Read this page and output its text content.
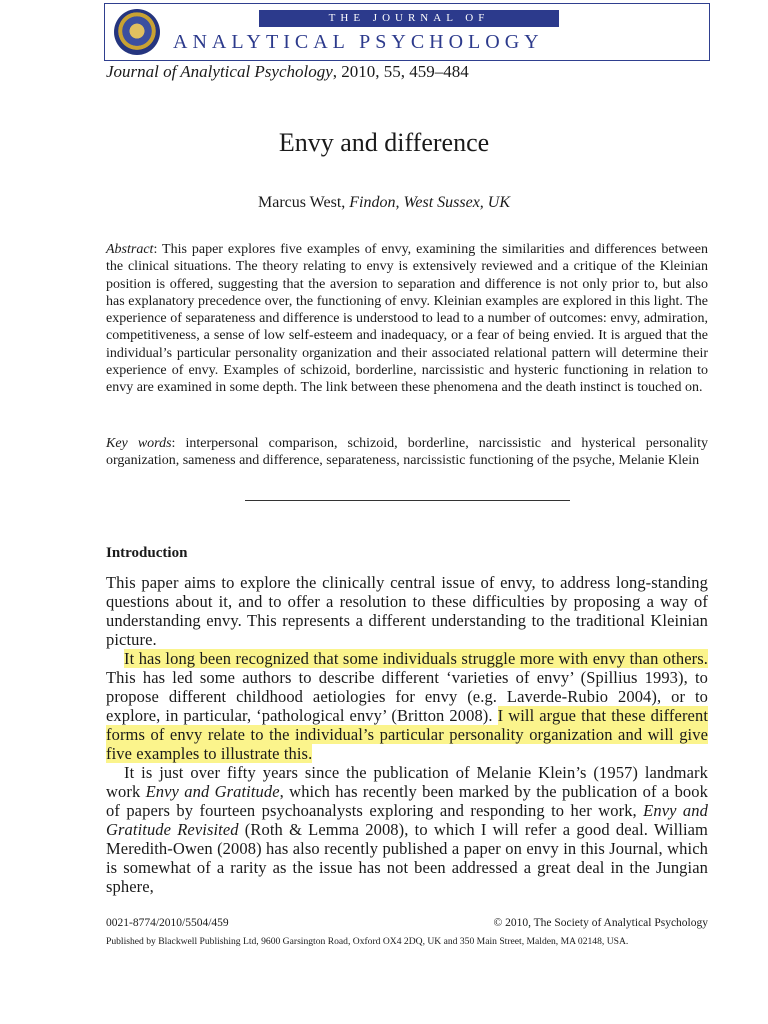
THE JOURNAL OF
ANALYTICAL PSYCHOLOGY
Journal of Analytical Psychology, 2010, 55, 459–484
Envy and difference
Marcus West, Findon, West Sussex, UK
Abstract: This paper explores five examples of envy, examining the similarities and differences between the clinical situations. The theory relating to envy is extensively reviewed and a critique of the Kleinian position is offered, suggesting that the aversion to separation and difference is not only prior to, but also has explanatory precedence over, the functioning of envy. Kleinian examples are explored in this light. The experience of separateness and difference is understood to lead to a number of outcomes: envy, admiration, competitiveness, a sense of low self-esteem and inadequacy, or a fear of being envied. It is argued that the individual’s particular personality organization and their associated relational pattern will determine their experience of envy. Examples of schizoid, borderline, narcissistic and hysteric functioning in relation to envy are examined in some depth. The link between these phenomena and the death instinct is touched on.
Key words: interpersonal comparison, schizoid, borderline, narcissistic and hysterical personality organization, sameness and difference, separateness, narcissistic functioning of the psyche, Melanie Klein
Introduction

This paper aims to explore the clinically central issue of envy, to address long-standing questions about it, and to offer a resolution to these difficulties by proposing a way of understanding envy. This represents a different understanding to the traditional Kleinian picture.

It has long been recognized that some individuals struggle more with envy than others. This has led some authors to describe different ‘varieties of envy’ (Spillius 1993), to propose different childhood aetiologies for envy (e.g. Laverde-Rubio 2004), or to explore, in particular, ‘pathological envy’ (Britton 2008). I will argue that these different forms of envy relate to the individual’s particular personality organization and will give five examples to illustrate this.

It is just over fifty years since the publication of Melanie Klein’s (1957) landmark work Envy and Gratitude, which has recently been marked by the publication of a book of papers by fourteen psychoanalysts exploring and responding to her work, Envy and Gratitude Revisited (Roth & Lemma 2008), to which I will refer a good deal. William Meredith-Owen (2008) has also recently published a paper on envy in this Journal, which is somewhat of a rarity as the issue has not been addressed a great deal in the Jungian sphere,

0021-8774/2010/5504/459	© 2010, The Society of Analytical Psychology
Published by Blackwell Publishing Ltd, 9600 Garsington Road, Oxford OX4 2DQ, UK and 350 Main Street, Malden, MA 02148, USA.
